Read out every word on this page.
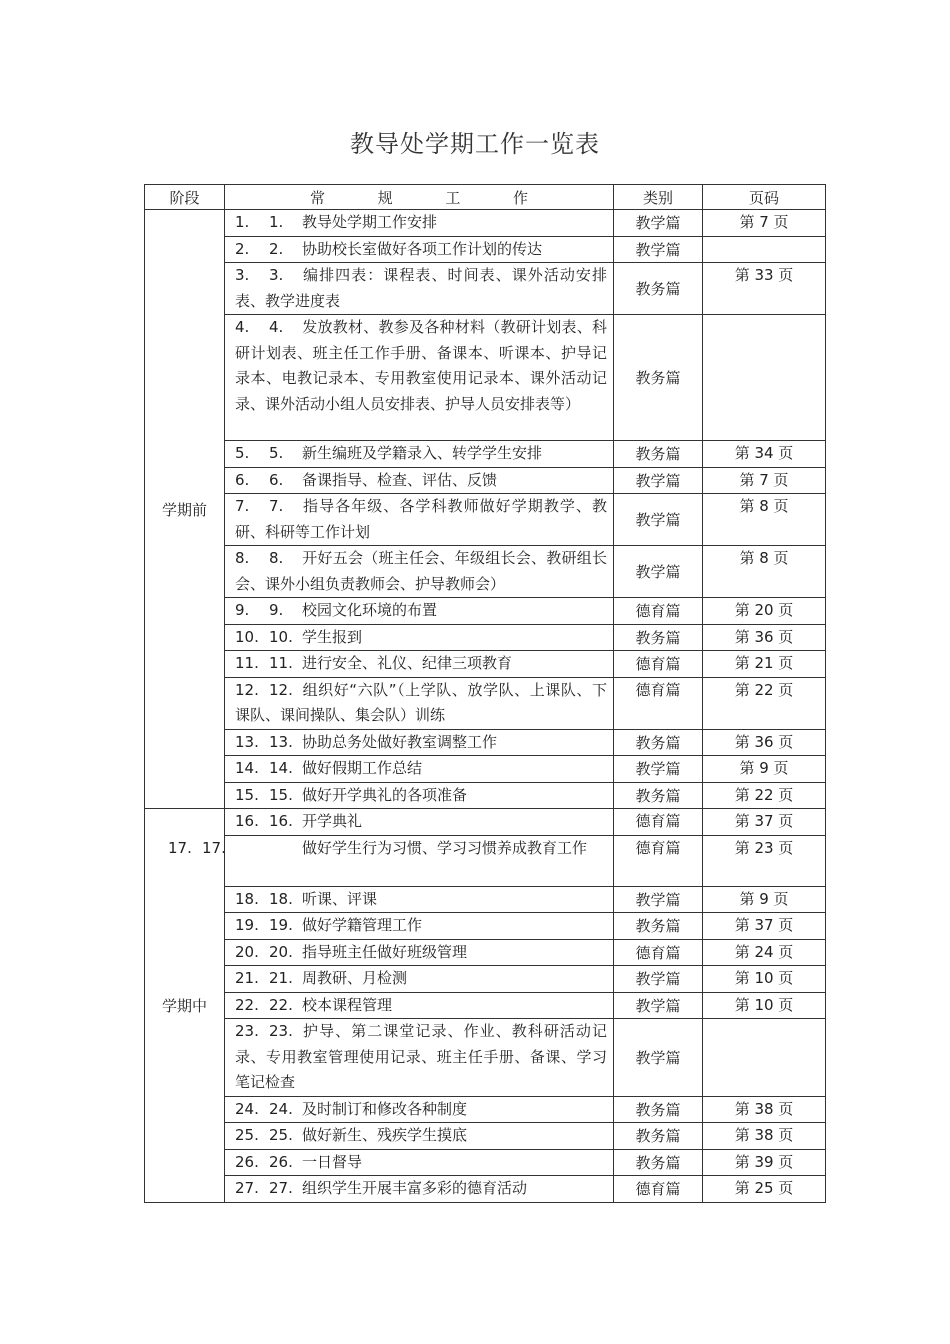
教导处学期工作一览表
阶段	常规工作	类别	页码
学期前	1. 1. 教导处学期工作安排	教学篇	第 7 页

	2. 2. 协助校长室做好各项工作计划的传达	教学篇	

	3. 3. 编排四表：课程表、时间表、课外活动安排表、教学进度表	教务篇	第 33 页

	4. 4. 发放教材、教参及各种材料（教研计划表、科研计划表、班主任工作手册、备课本、听课本、护导记录本、电教记录本、专用教室使用记录本、课外活动记录、课外活动小组人员安排表、护导人员安排表等）	教务篇	

	5. 5. 新生编班及学籍录入、转学学生安排	教务篇	第 34 页

	6. 6. 备课指导、检查、评估、反馈	教学篇	第 7 页

	7. 7. 指导各年级、各学科教师做好学期教学、教研、科研等工作计划	教学篇	第 8 页

	8. 8. 开好五会（班主任会、年级组长会、教研组长会、课外小组负责教师会、护导教师会）	教学篇	第 8 页

	9. 9. 校园文化环境的布置	德育篇	第 20 页

	10. 10. 学生报到	教务篇	第 36 页

	11. 11. 进行安全、礼仪、纪律三项教育	德育篇	第 21 页

	12. 12. 组织好“六队”（上学队、放学队、上课队、下课队、课间操队、集会队）训练	德育篇	第 22 页

	13. 13. 协助总务处做好教室调整工作	教务篇	第 36 页

	14. 14. 做好假期工作总结	教学篇	第 9 页

	15. 15. 做好开学典礼的各项准备	教务篇	第 22 页
学期中	16. 16. 开学典礼	德育篇	第 37 页

	17. 17. 做好学生行为习惯、学习习惯养成教育工作	德育篇	第 23 页

	18. 18. 听课、评课	教学篇	第 9 页

	19. 19. 做好学籍管理工作	教务篇	第 37 页

	20. 20. 指导班主任做好班级管理	德育篇	第 24 页

	21. 21. 周教研、月检测	教学篇	第 10 页

	22. 22. 校本课程管理	教学篇	第 10 页

	23. 23. 护导、第二课堂记录、作业、教科研活动记录、专用教室管理使用记录、班主任手册、备课、学习笔记检查	教学篇	

	24. 24. 及时制订和修改各种制度	教务篇	第 38 页

	25. 25. 做好新生、残疾学生摸底	教务篇	第 38 页

	26. 26. 一日督导	教务篇	第 39 页

	27. 27. 组织学生开展丰富多彩的德育活动	德育篇	第 25 页
